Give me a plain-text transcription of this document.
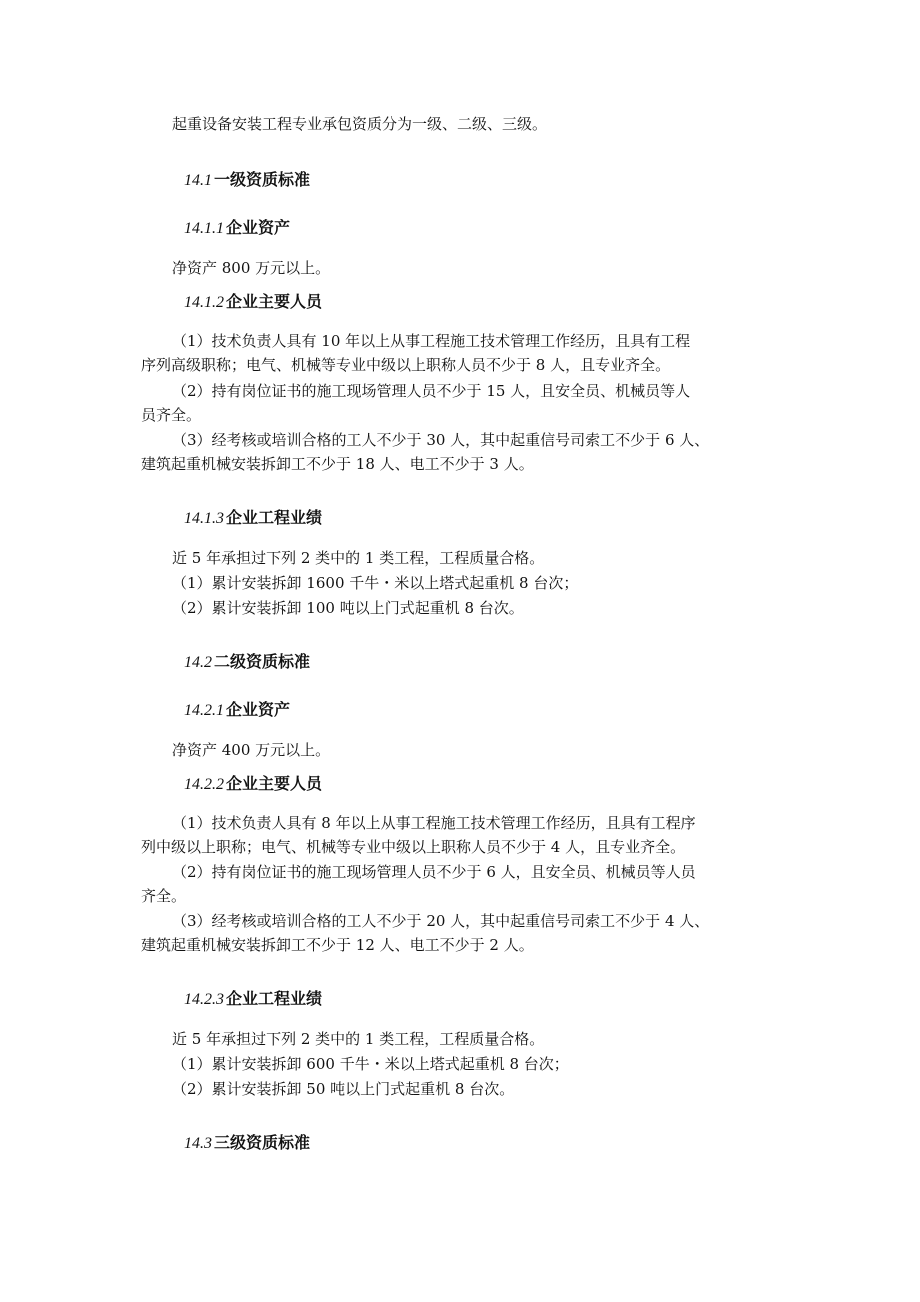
起重设备安装工程专业承包资质分为一级、二级、三级。
14.1 一级资质标准
14.1.1 企业资产
净资产 800 万元以上。
14.1.2 企业主要人员
（1）技术负责人具有 10 年以上从事工程施工技术管理工作经历，且具有工程
序列高级职称；电气、机械等专业中级以上职称人员不少于 8 人，且专业齐全。
（2）持有岗位证书的施工现场管理人员不少于 15 人，且安全员、机械员等人
员齐全。
（3）经考核或培训合格的工人不少于 30 人，其中起重信号司索工不少于 6 人、
建筑起重机械安装拆卸工不少于 18 人、电工不少于 3 人。
14.1.3 企业工程业绩
近 5 年承担过下列 2 类中的 1 类工程，工程质量合格。
（1）累计安装拆卸 1600 千牛・米以上塔式起重机 8 台次；
（2）累计安装拆卸 100 吨以上门式起重机 8 台次。
14.2 二级资质标准
14.2.1 企业资产
净资产 400 万元以上。
14.2.2 企业主要人员
（1）技术负责人具有 8 年以上从事工程施工技术管理工作经历，且具有工程序
列中级以上职称；电气、机械等专业中级以上职称人员不少于 4 人，且专业齐全。
（2）持有岗位证书的施工现场管理人员不少于 6 人，且安全员、机械员等人员
齐全。
（3）经考核或培训合格的工人不少于 20 人，其中起重信号司索工不少于 4 人、
建筑起重机械安装拆卸工不少于 12 人、电工不少于 2 人。
14.2.3 企业工程业绩
近 5 年承担过下列 2 类中的 1 类工程，工程质量合格。
（1）累计安装拆卸 600 千牛・米以上塔式起重机 8 台次；
（2）累计安装拆卸 50 吨以上门式起重机 8 台次。
14.3 三级资质标准
